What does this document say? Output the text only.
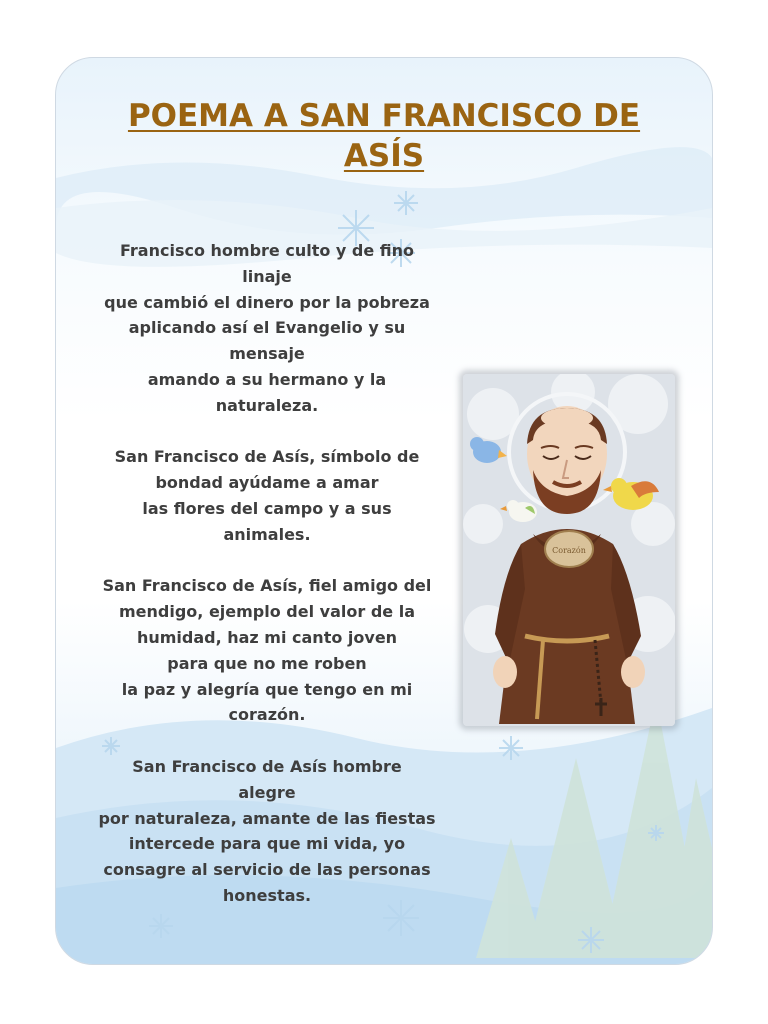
POEMA A SAN FRANCISCO DE
ASÍS
Francisco hombre culto y de fino
linaje
que cambió el dinero por la pobreza
aplicando así el Evangelio y su
mensaje
amando a su hermano y la
naturaleza.
San Francisco de Asís, símbolo de
bondad ayúdame a amar
las flores del campo y a sus
animales.
San Francisco de Asís, fiel amigo del
mendigo, ejemplo del valor de la
humidad, haz mi canto joven
para que no me roben
la paz y alegría que tengo en mi
corazón.
San Francisco de Asís hombre
alegre
por naturaleza, amante de las fiestas
intercede para que mi vida, yo
consagre al servicio de las personas
honestas.
Corazón
